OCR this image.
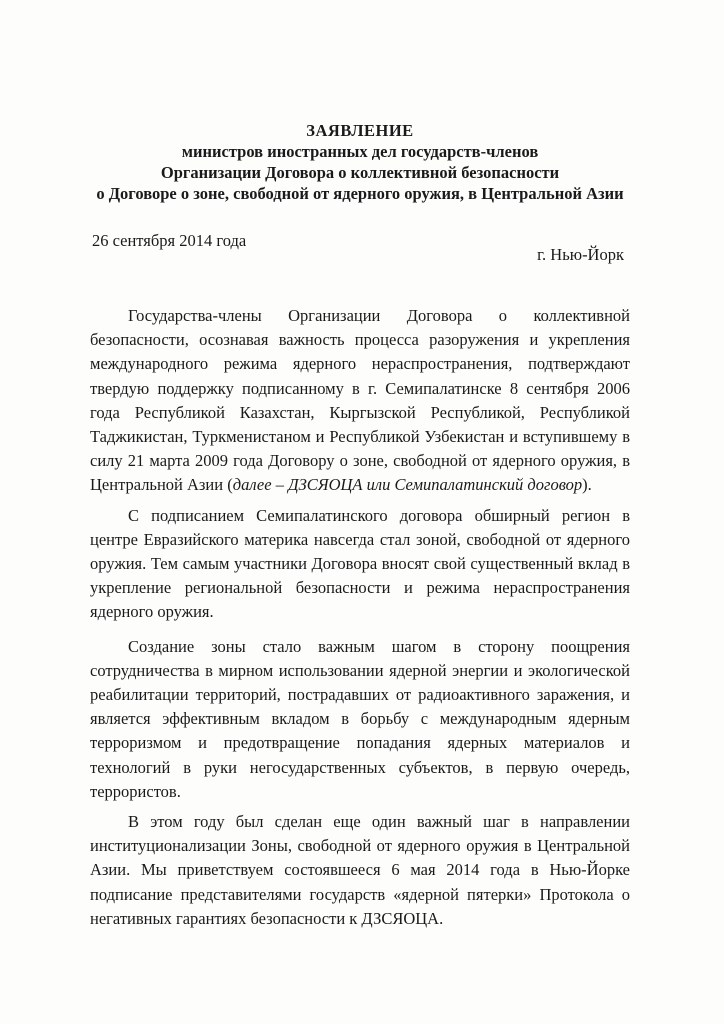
ЗАЯВЛЕНИЕ
министров иностранных дел государств-членов
Организации Договора о коллективной безопасности
о Договоре о зоне, свободной от ядерного оружия, в Центральной Азии
26 сентября 2014 года
г. Нью-Йорк

Государства-члены Организации Договора о коллективной безопасности, осознавая важность процесса разоружения и укрепления международного режима ядерного нераспространения, подтверждают твердую поддержку подписанному в г. Семипалатинске 8 сентября 2006 года Республикой Казахстан, Кыргызской Республикой, Республикой Таджикистан, Туркменистаном и Республикой Узбекистан и вступившему в силу 21 марта 2009 года Договору о зоне, свободной от ядерного оружия, в Центральной Азии (далее – ДЗСЯОЦА или Семипалатинский договор).

С подписанием Семипалатинского договора обширный регион в центре Евразийского материка навсегда стал зоной, свободной от ядерного оружия. Тем самым участники Договора вносят свой существенный вклад в укрепление региональной безопасности и режима нераспространения ядерного оружия.

Создание зоны стало важным шагом в сторону поощрения сотрудничества в мирном использовании ядерной энергии и экологической реабилитации территорий, пострадавших от радиоактивного заражения, и является эффективным вкладом в борьбу с международным ядерным терроризмом и предотвращение попадания ядерных материалов и технологий в руки негосударственных субъектов, в первую очередь, террористов.

В этом году был сделан еще один важный шаг в направлении институционализации Зоны, свободной от ядерного оружия в Центральной Азии. Мы приветствуем состоявшееся 6 мая 2014 года в Нью-Йорке подписание представителями государств «ядерной пятерки» Протокола о негативных гарантиях безопасности к ДЗСЯОЦА.
